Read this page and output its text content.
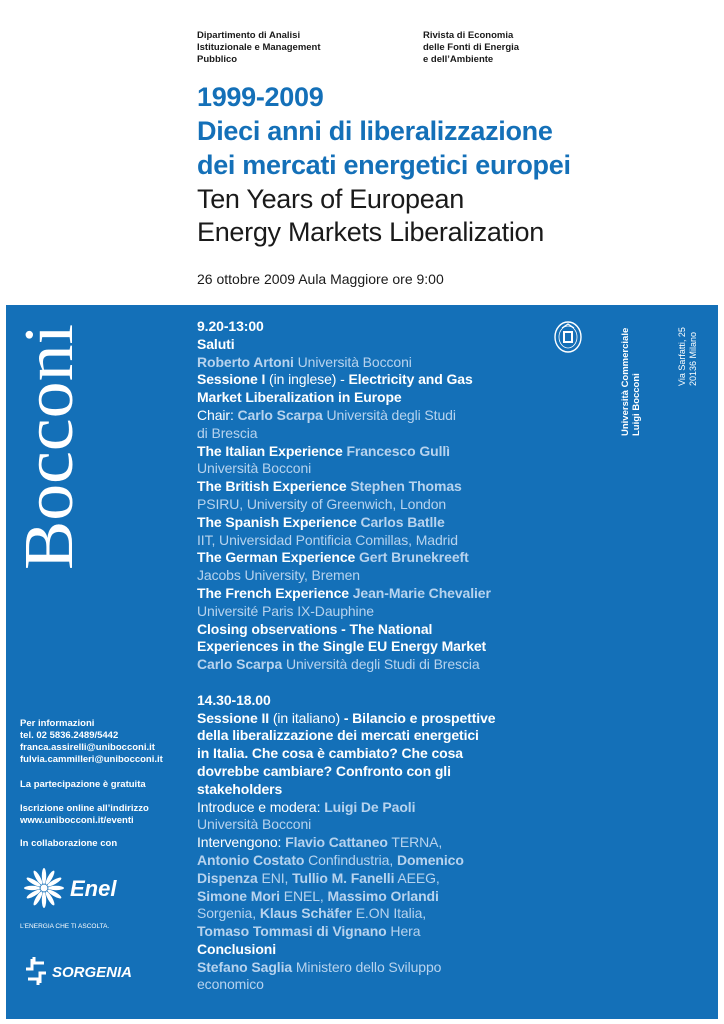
Dipartimento di Analisi
Istituzionale e Management
Pubblico
Rivista di Economia
delle Fonti di Energia
e dell’Ambiente
1999-2009
Dieci anni di liberalizzazione
dei mercati energetici europei
Ten Years of European
Energy Markets Liberalization
26 ottobre 2009 Aula Maggiore ore 9:00
Bocconi
Per informazioni
tel. 02 5836.2489/5442
franca.assirelli@unibocconi.it
fulvia.cammilleri@unibocconi.it
La partecipazione è gratuita
Iscrizione online all’indirizzo
www.unibocconi.it/eventi
In collaborazione con
Enel
L’ENERGIA CHE TI ASCOLTA.
SORGENIA
Università Commerciale Luigi Bocconi
Via Sarfatti, 25 20136 Milano
9.20-13:00
Saluti
Roberto Artoni Università Bocconi
Sessione I (in inglese) - Electricity and Gas
Market Liberalization in Europe
Chair: Carlo Scarpa Università degli Studi
di Brescia
The Italian Experience Francesco Gullì
Università Bocconi
The British Experience Stephen Thomas
PSIRU, University of Greenwich, London
The Spanish Experience Carlos Batlle
IIT, Universidad Pontificia Comillas, Madrid
The German Experience Gert Brunekreeft
Jacobs University, Bremen
The French Experience Jean-Marie Chevalier
Université Paris IX-Dauphine
Closing observations - The National
Experiences in the Single EU Energy Market
Carlo Scarpa Università degli Studi di Brescia
14.30-18.00
Sessione II (in italiano) - Bilancio e prospettive
della liberalizzazione dei mercati energetici
in Italia. Che cosa è cambiato? Che cosa
dovrebbe cambiare? Confronto con gli
stakeholders
Introduce e modera: Luigi De Paoli
Università Bocconi
Intervengono: Flavio Cattaneo TERNA,
Antonio Costato Confindustria, Domenico
Dispenza ENI, Tullio M. Fanelli AEEG,
Simone Mori ENEL, Massimo Orlandi
Sorgenia, Klaus Schäfer E.ON Italia,
Tomaso Tommasi di Vignano Hera
Conclusioni
Stefano Saglia Ministero dello Sviluppo
economico
